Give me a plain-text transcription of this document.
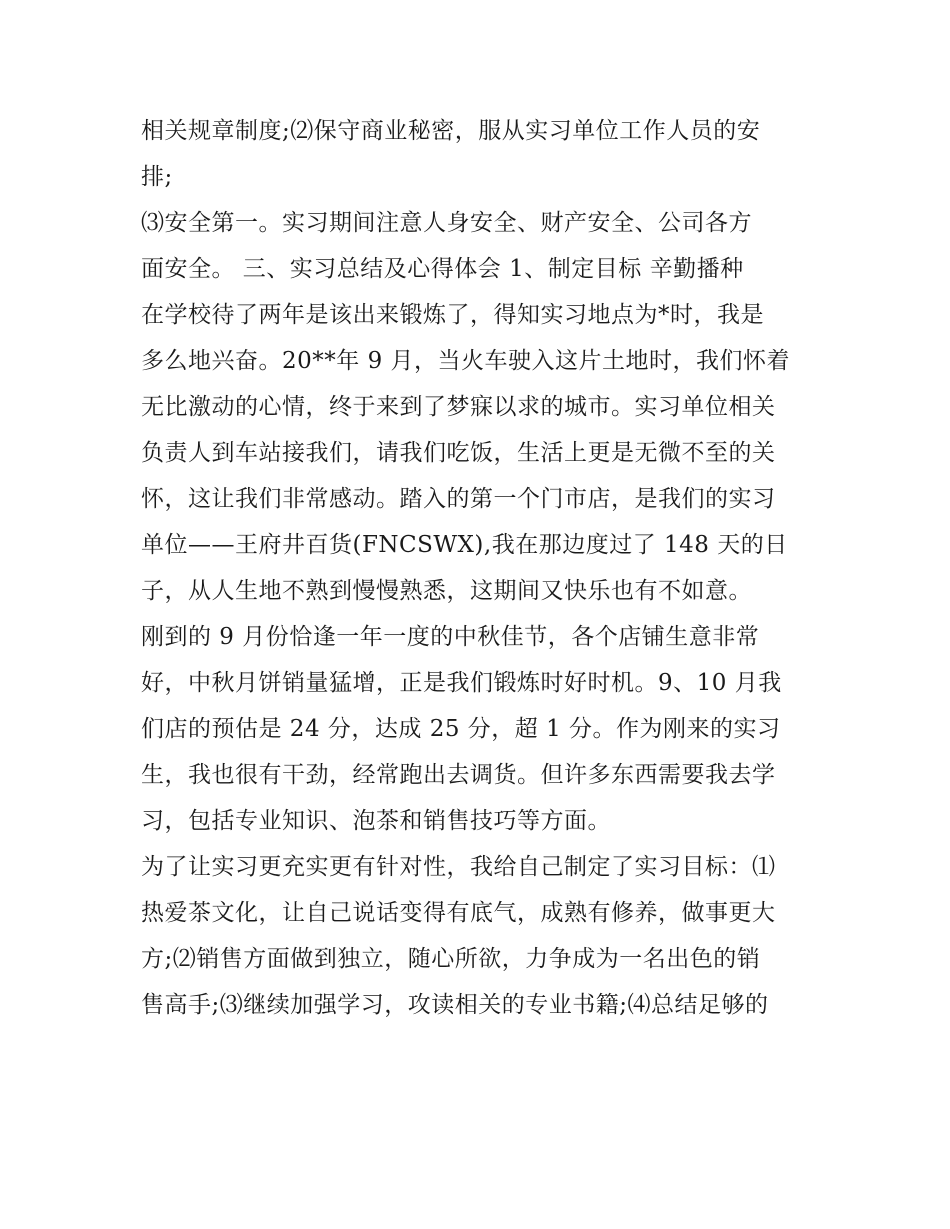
相关规章制度;⑵保守商业秘密，服从实习单位工作人员的安
排;
⑶安全第一。实习期间注意人身安全、财产安全、公司各方
面安全。 三、实习总结及心得体会 1、制定目标 辛勤播种
在学校待了两年是该出来锻炼了，得知实习地点为*时，我是
多么地兴奋。20**年 9 月，当火车驶入这片土地时，我们怀着
无比激动的心情，终于来到了梦寐以求的城市。实习单位相关
负责人到车站接我们，请我们吃饭，生活上更是无微不至的关
怀，这让我们非常感动。踏入的第一个门市店，是我们的实习
单位——王府井百货(FNCSWX),我在那边度过了 148 天的日
子，从人生地不熟到慢慢熟悉，这期间又快乐也有不如意。
刚到的 9 月份恰逢一年一度的中秋佳节，各个店铺生意非常
好，中秋月饼销量猛增，正是我们锻炼时好时机。9、10 月我
们店的预估是 24 分，达成 25 分，超 1 分。作为刚来的实习
生，我也很有干劲，经常跑出去调货。但许多东西需要我去学
习，包括专业知识、泡茶和销售技巧等方面。
为了让实习更充实更有针对性，我给自己制定了实习目标：⑴
热爱茶文化，让自己说话变得有底气，成熟有修养，做事更大
方;⑵销售方面做到独立，随心所欲，力争成为一名出色的销
售高手;⑶继续加强学习，攻读相关的专业书籍;⑷总结足够的
